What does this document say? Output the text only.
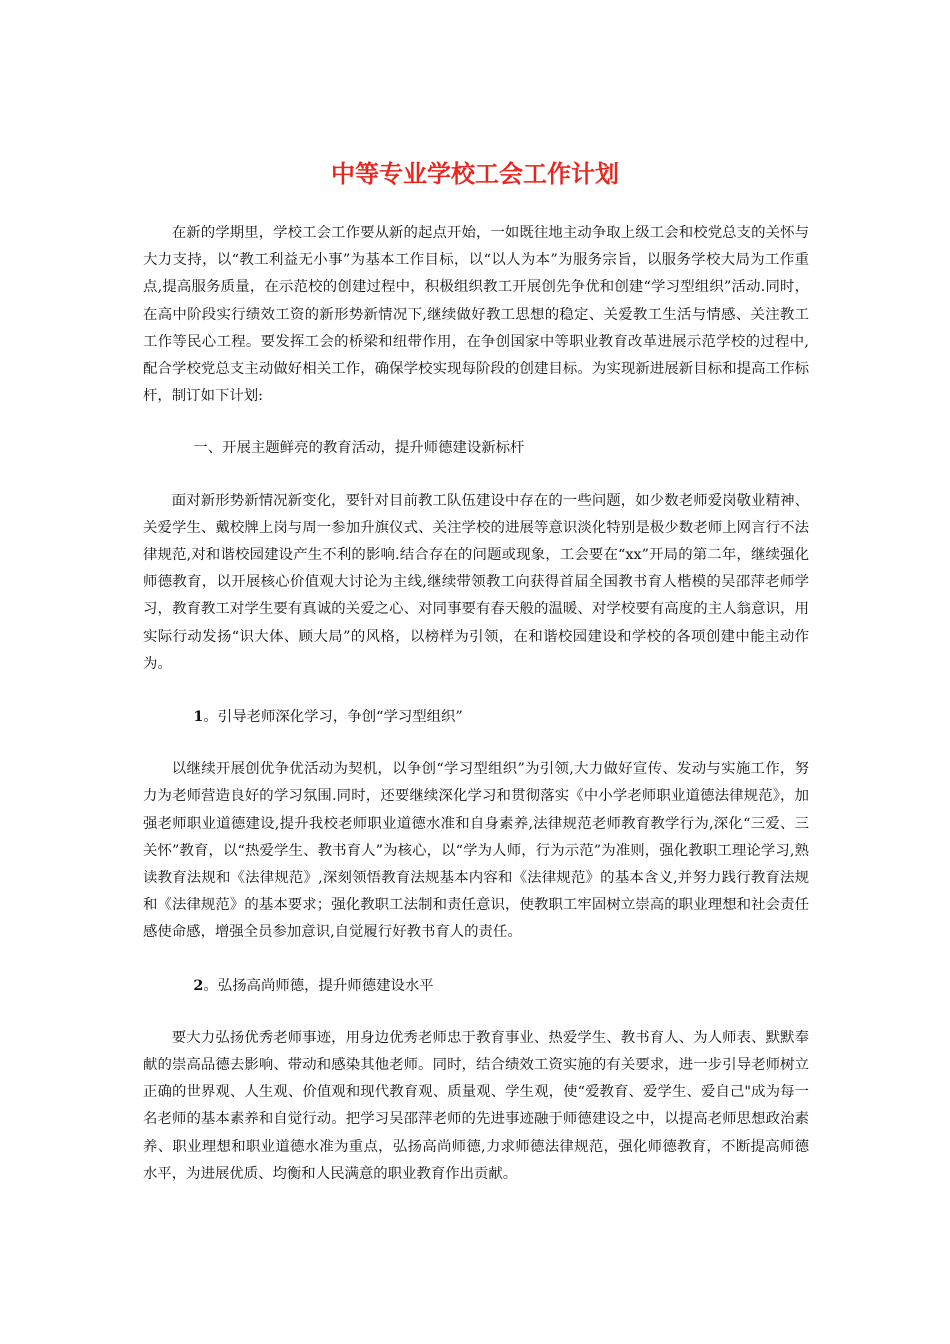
中等专业学校工会工作计划

在新的学期里，学校工会工作要从新的起点开始，一如既往地主动争取上级工会和校党总支的关怀与大力支持，以“教工利益无小事”为基本工作目标，以“以人为本”为服务宗旨，以服务学校大局为工作重点,提高服务质量，在示范校的创建过程中，积极组织教工开展创先争优和创建“学习型组织”活动.同时，在高中阶段实行绩效工资的新形势新情况下,继续做好教工思想的稳定、关爱教工生活与情感、关注教工工作等民心工程。要发挥工会的桥梁和纽带作用，在争创国家中等职业教育改革进展示范学校的过程中,配合学校党总支主动做好相关工作，确保学校实现每阶段的创建目标。为实现新进展新目标和提高工作标杆，制订如下计划:

一、开展主题鲜亮的教育活动，提升师德建设新标杆

面对新形势新情况新变化，要针对目前教工队伍建设中存在的一些问题，如少数老师爱岗敬业精神、关爱学生、戴校牌上岗与周一参加升旗仪式、关注学校的进展等意识淡化特别是极少数老师上网言行不法律规范,对和谐校园建设产生不利的影响.结合存在的问题或现象，工会要在“xx”开局的第二年，继续强化师德教育，以开展核心价值观大讨论为主线,继续带领教工向获得首届全国教书育人楷模的吴邵萍老师学习，教育教工对学生要有真诚的关爱之心、对同事要有春天般的温暖、对学校要有高度的主人翁意识，用实际行动发扬“识大体、顾大局”的风格，以榜样为引领，在和谐校园建设和学校的各项创建中能主动作为。

1。引导老师深化学习，争创“学习型组织”

以继续开展创优争优活动为契机，以争创“学习型组织”为引领,大力做好宣传、发动与实施工作，努力为老师营造良好的学习氛围.同时，还要继续深化学习和贯彻落实《中小学老师职业道德法律规范》，加强老师职业道德建设,提升我校老师职业道德水准和自身素养,法律规范老师教育教学行为,深化“三爱、三关怀”教育，以“热爱学生、教书育人”为核心，以“学为人师，行为示范”为准则，强化教职工理论学习,熟读教育法规和《法律规范》,深刻领悟教育法规基本内容和《法律规范》的基本含义,并努力践行教育法规和《法律规范》的基本要求；强化教职工法制和责任意识，使教职工牢固树立崇高的职业理想和社会责任感使命感，增强全员参加意识,自觉履行好教书育人的责任。

2。弘扬高尚师德，提升师德建设水平

要大力弘扬优秀老师事迹，用身边优秀老师忠于教育事业、热爱学生、教书育人、为人师表、默默奉献的崇高品德去影响、带动和感染其他老师。同时，结合绩效工资实施的有关要求，进一步引导老师树立正确的世界观、人生观、价值观和现代教育观、质量观、学生观，使“爱教育、爱学生、爱自己"成为每一名老师的基本素养和自觉行动。把学习吴邵萍老师的先进事迹融于师德建设之中，以提高老师思想政治素养、职业理想和职业道德水准为重点，弘扬高尚师德,力求师德法律规范，强化师德教育，不断提高师德水平，为进展优质、均衡和人民满意的职业教育作出贡献。
